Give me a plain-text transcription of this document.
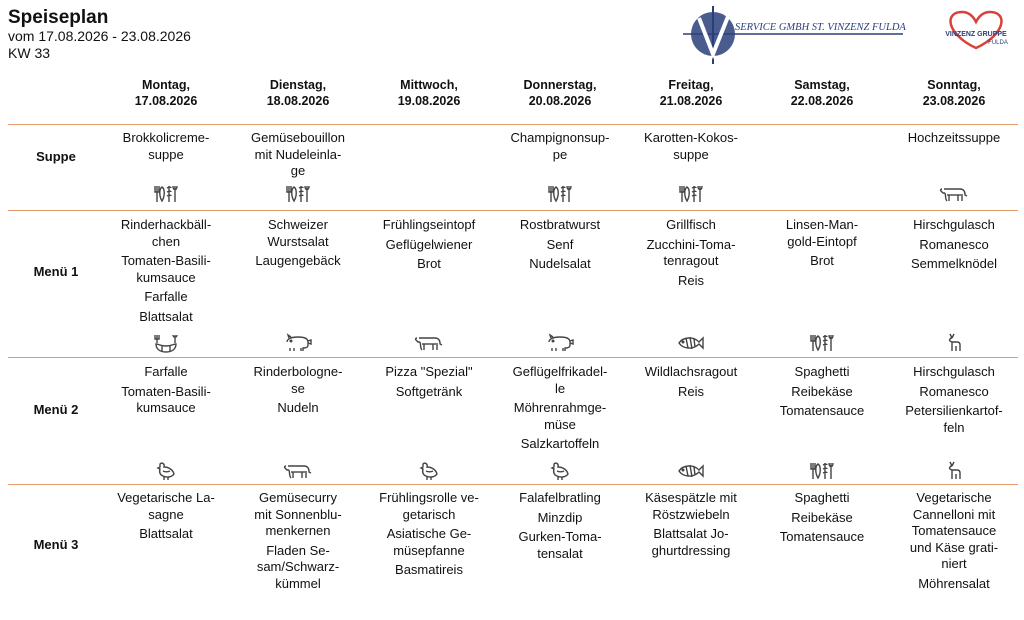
Speiseplan
vom 17.08.2026 - 23.08.2026
KW 33
SERVICE GMBH ST. VINZENZ FULDA
VINZENZ GRUPPE
FULDA
Montag,
17.08.2026
Dienstag,
18.08.2026
Mittwoch,
19.08.2026
Donnerstag,
20.08.2026
Freitag,
21.08.2026
Samstag,
22.08.2026
Sonntag,
23.08.2026
Suppe
Brokkolicreme-
suppe
Gemüsebouillon
mit Nudeleinla-
ge
Champignonsup-
pe
Karotten-Kokos-
suppe
Hochzeitssuppe
Menü 1
Rinderhackbäll-
chen
Tomaten-Basili-
kumsauce
Farfalle
Blattsalat
Schweizer
Wurstsalat
Laugengebäck
Frühlingseintopf
Geflügelwiener
Brot
Rostbratwurst
Senf
Nudelsalat
Grillfisch
Zucchini-Toma-
tenragout
Reis
Linsen-Man-
gold-Eintopf
Brot
Hirschgulasch
Romanesco
Semmelknödel
Menü 2
Farfalle
Tomaten-Basili-
kumsauce
Rinderbologne-
se
Nudeln
Pizza "Spezial"
Softgetränk
Geflügelfrikadel-
le
Möhrenrahmge-
müse
Salzkartoffeln
Wildlachsragout
Reis
Spaghetti
Reibekäse
Tomatensauce
Hirschgulasch
Romanesco
Petersilienkartof-
feln
Menü 3
Vegetarische La-
sagne
Blattsalat
Gemüsecurry
mit Sonnenblu-
menkernen
Fladen Se-
sam/Schwarz-
kümmel
Frühlingsrolle ve-
getarisch
Asiatische Ge-
müsepfanne
Basmatireis
Falafelbratling
Minzdip
Gurken-Toma-
tensalat
Käsespätzle mit
Röstzwiebeln
Blattsalat Jo-
ghurtdressing
Spaghetti
Reibekäse
Tomatensauce
Vegetarische
Cannelloni mit
Tomatensauce
und Käse grati-
niert
Möhrensalat
